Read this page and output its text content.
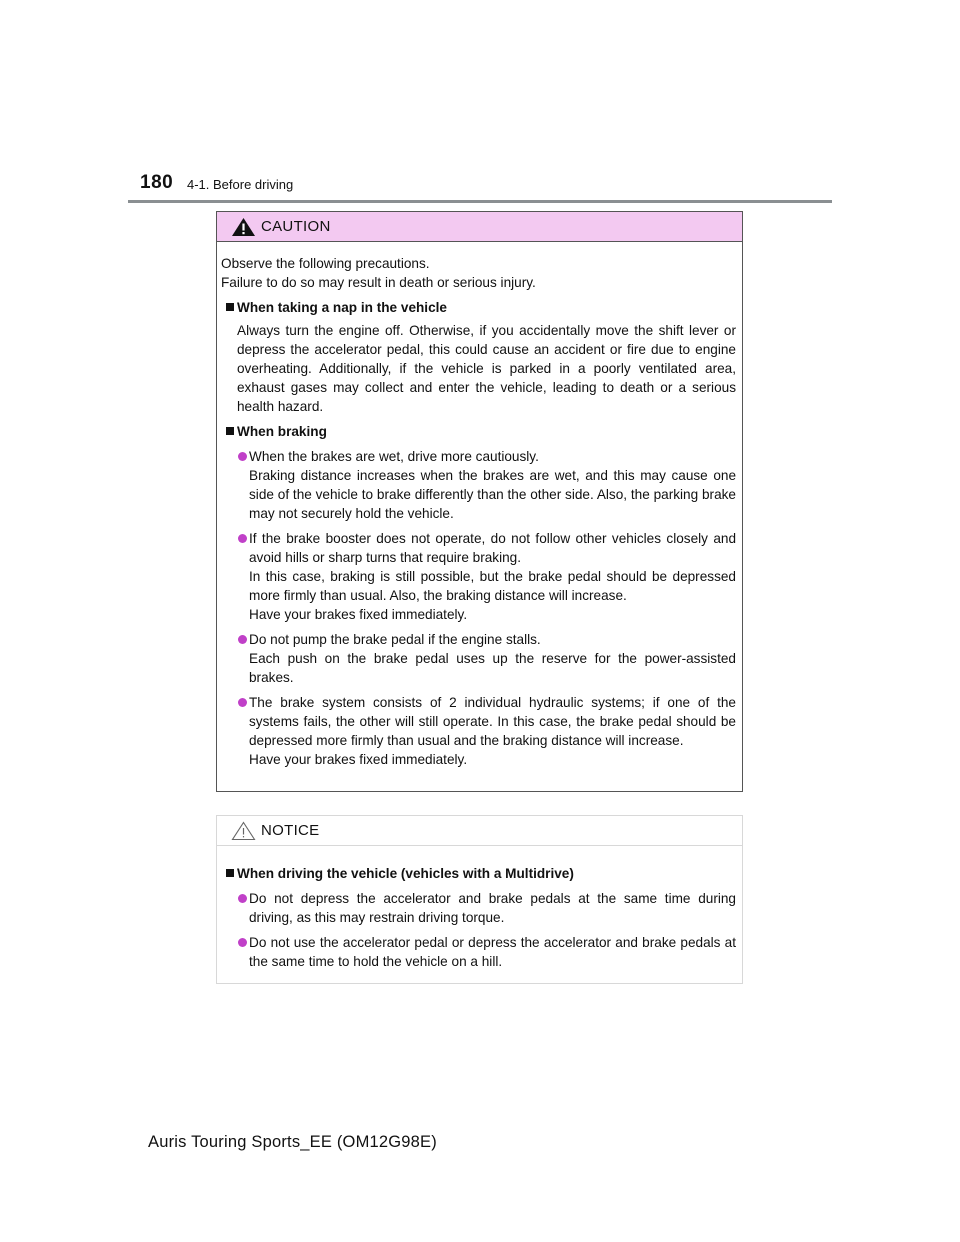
180 4-1. Before driving
CAUTION
Observe the following precautions.
Failure to do so may result in death or serious injury.
When taking a nap in the vehicle
Always turn the engine off. Otherwise, if you accidentally move the shift lever or depress the accelerator pedal, this could cause an accident or fire due to engine overheating. Additionally, if the vehicle is parked in a poorly ventilated area, exhaust gases may collect and enter the vehicle, leading to death or a serious health hazard.
When braking
When the brakes are wet, drive more cautiously.
Braking distance increases when the brakes are wet, and this may cause one side of the vehicle to brake differently than the other side. Also, the parking brake may not securely hold the vehicle.
If the brake booster does not operate, do not follow other vehicles closely and avoid hills or sharp turns that require braking.
In this case, braking is still possible, but the brake pedal should be depressed more firmly than usual. Also, the braking distance will increase.
Have your brakes fixed immediately.
Do not pump the brake pedal if the engine stalls.
Each push on the brake pedal uses up the reserve for the power-assisted brakes.
The brake system consists of 2 individual hydraulic systems; if one of the systems fails, the other will still operate. In this case, the brake pedal should be depressed more firmly than usual and the braking distance will increase.
Have your brakes fixed immediately.
NOTICE
When driving the vehicle (vehicles with a Multidrive)
Do not depress the accelerator and brake pedals at the same time during driving, as this may restrain driving torque.
Do not use the accelerator pedal or depress the accelerator and brake pedals at the same time to hold the vehicle on a hill.
Auris Touring Sports_EE (OM12G98E)
